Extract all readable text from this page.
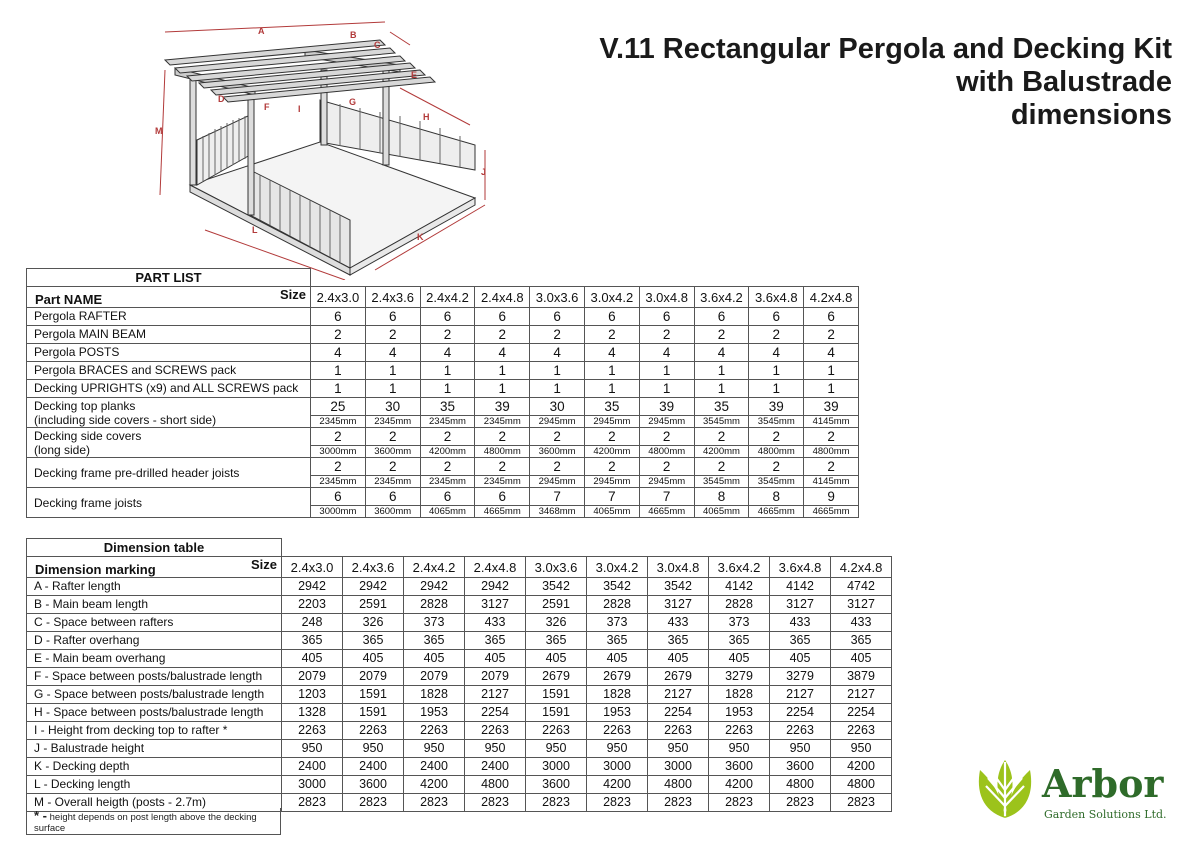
V.11 Rectangular Pergola and Decking Kit
with Balustrade
dimensions
A	B
C
D
E
F	G
I
H
J
K
L
M
PART LIST										

Size
Part NAME	2.4x3.0	2.4x3.6	2.4x4.2	2.4x4.8	3.0x3.6	3.0x4.2	3.0x4.8	3.6x4.2	3.6x4.8	4.2x4.8
Pergola RAFTER	6	6	6	6	6	6	6	6	6	6
Pergola MAIN BEAM	2	2	2	2	2	2	2	2	2	2
Pergola POSTS	4	4	4	4	4	4	4	4	4	4
Pergola BRACES and SCREWS pack	1	1	1	1	1	1	1	1	1	1
Decking UPRIGHTS (x9) and ALL SCREWS pack	1	1	1	1	1	1	1	1	1	1

Decking top planks
(including side covers - short side)	25	30	35	39	30	35	39	35	39	39
	2345mm	2345mm	2345mm	2345mm	2945mm	2945mm	2945mm	3545mm	3545mm	4145mm

Decking side covers
(long side)	2	2	2	2	2	2	2	2	2	2
	3000mm	3600mm	4200mm	4800mm	3600mm	4200mm	4800mm	4200mm	4800mm	4800mm

Decking frame pre-drilled header joists	2	2	2	2	2	2	2	2	2	2
	2345mm	2345mm	2345mm	2345mm	2945mm	2945mm	2945mm	3545mm	3545mm	4145mm

Decking frame joists	6	6	6	6	7	7	7	8	8	9
	3000mm	3600mm	4065mm	4665mm	3468mm	4065mm	4665mm	4065mm	4665mm	4665mm
Dimension table										

Size
Dimension marking	2.4x3.0	2.4x3.6	2.4x4.2	2.4x4.8	3.0x3.6	3.0x4.2	3.0x4.8	3.6x4.2	3.6x4.8	4.2x4.8
A - Rafter length	2942	2942	2942	2942	3542	3542	3542	4142	4142	4742
B - Main beam length	2203	2591	2828	3127	2591	2828	3127	2828	3127	3127
C - Space between rafters	248	326	373	433	326	373	433	373	433	433
D - Rafter overhang	365	365	365	365	365	365	365	365	365	365
E - Main beam overhang	405	405	405	405	405	405	405	405	405	405
F - Space between posts/balustrade length	2079	2079	2079	2079	2679	2679	2679	3279	3279	3879
G - Space between posts/balustrade length	1203	1591	1828	2127	1591	1828	2127	1828	2127	2127
H - Space between posts/balustrade length	1328	1591	1953	2254	1591	1953	2254	1953	2254	2254
I - Height from decking top to rafter *	2263	2263	2263	2263	2263	2263	2263	2263	2263	2263
J - Balustrade height	950	950	950	950	950	950	950	950	950	950
K - Decking depth	2400	2400	2400	2400	3000	3000	3000	3600	3600	4200
L - Decking length	3000	3600	4200	4800	3600	4200	4800	4200	4800	4800
M - Overall heigth (posts - 2.7m)	2823	2823	2823	2823	2823	2823	2823	2823	2823	2823
* - height depends on post length above the decking surface
Arbor
Garden Solutions Ltd.
